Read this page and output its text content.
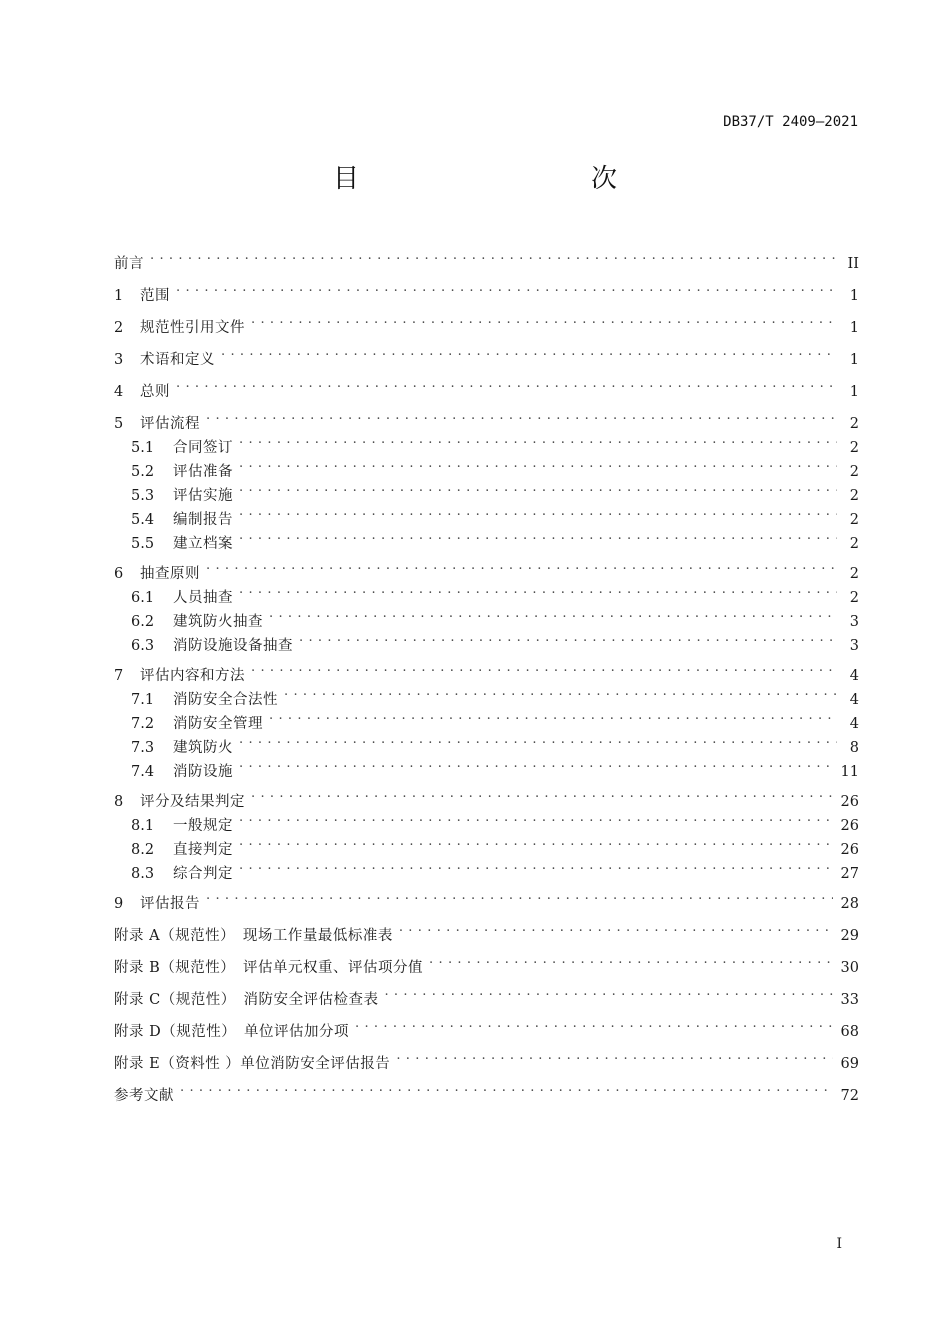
DB37/T 2409—2021
目　　次
前言 . . .	II
1	范围 . . .	1
2	规范性引用文件 . . .	1
3	术语和定义 . . .	1
4	总则 . . .	1
5	评估流程 . . .	2
5.1	合同签订 . . .	2
5.2	评估准备 . . .	2
5.3	评估实施 . . .	2
5.4	编制报告 . . .	2
5.5	建立档案 . . .	2
6	抽查原则 . . .	2
6.1	人员抽查 . . .	2
6.2	建筑防火抽查 . . .	3
6.3	消防设施设备抽查 . . .	3
7	评估内容和方法 . . .	4
7.1	消防安全合法性 . . .	4
7.2	消防安全管理 . . .	4
7.3	建筑防火 . . .	8
7.4	消防设施 . . .	11
8	评分及结果判定 . . .	26
8.1	一般规定 . . .	26
8.2	直接判定 . . .	26
8.3	综合判定 . . .	27
9	评估报告 . . .	28
附录 A（规范性）　现场工作量最低标准表 . . .	29
附录 B（规范性）　评估单元权重、评估项分值 . . .	30
附录 C（规范性）　消防安全评估检查表 . . .	33
附录 D（规范性）　单位评估加分项 . . .	68
附录 E（资料性 ）单位消防安全评估报告 . . .	69
参考文献 . . .	72
I
